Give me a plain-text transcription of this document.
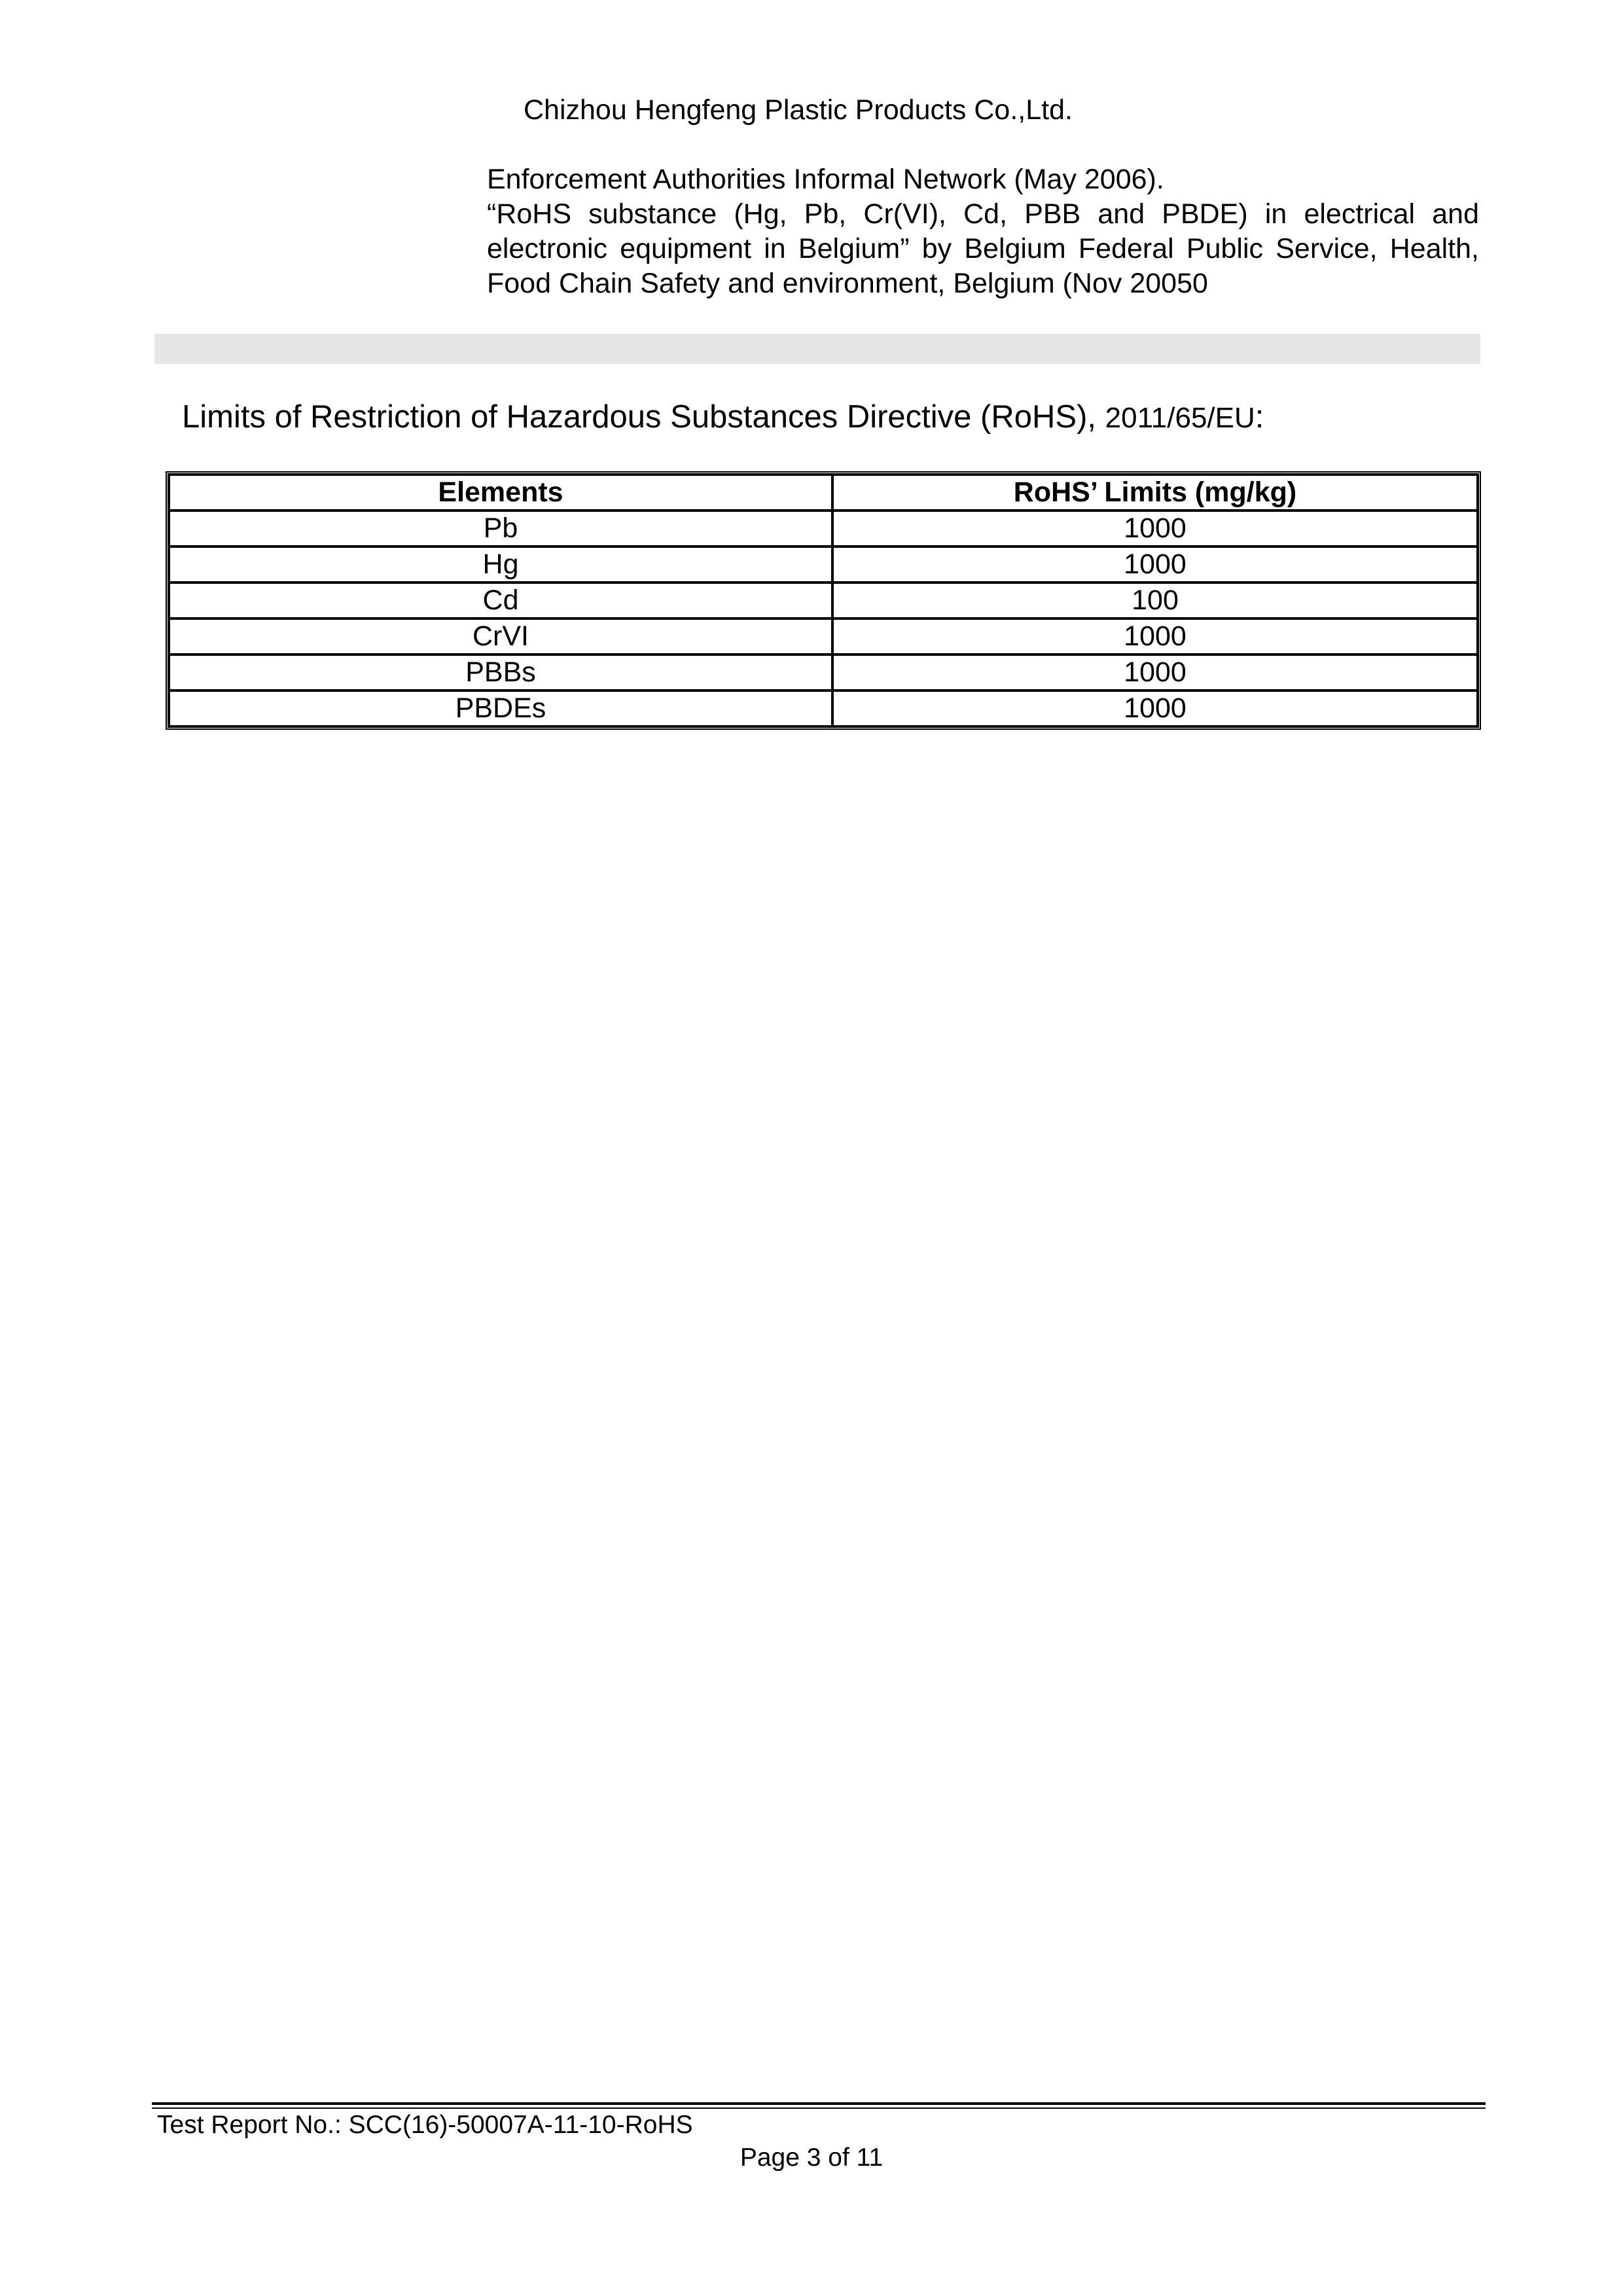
Chizhou Hengfeng Plastic Products Co.,Ltd.
Enforcement Authorities Informal Network (May 2006).
“RoHS substance (Hg, Pb, Cr(VI), Cd, PBB and PBDE) in electrical and electronic equipment in Belgium” by Belgium Federal Public Service, Health, Food Chain Safety and environment, Belgium (Nov 20050
Limits of Restriction of Hazardous Substances Directive (RoHS), 2011/65/EU:
Elements	RoHS’ Limits (mg/kg)
Pb	1000
Hg	1000
Cd	100
CrVI	1000
PBBs	1000
PBDEs	1000
Test Report No.: SCC(16)-50007A-11-10-RoHS
Page 3 of 11
